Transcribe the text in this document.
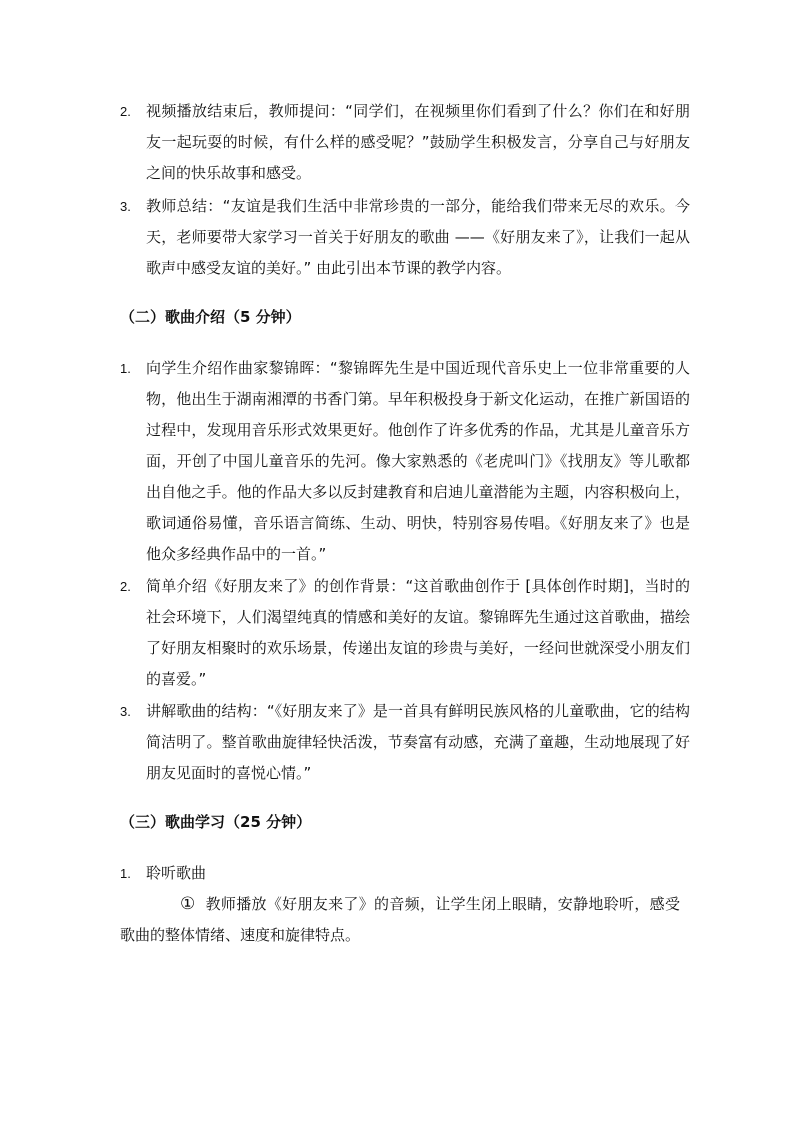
2.	视频播放结束后，教师提问：“同学们，在视频里你们看到了什么？你们在和好朋友一起玩耍的时候，有什么样的感受呢？”鼓励学生积极发言，分享自己与好朋友之间的快乐故事和感受。
3.	教师总结：“友谊是我们生活中非常珍贵的一部分，能给我们带来无尽的欢乐。今天，老师要带大家学习一首关于好朋友的歌曲 ——《好朋友来了》，让我们一起从歌声中感受友谊的美好。” 由此引出本节课的教学内容。
（二）歌曲介绍（5 分钟）
1.	向学生介绍作曲家黎锦晖：“黎锦晖先生是中国近现代音乐史上一位非常重要的人物，他出生于湖南湘潭的书香门第。早年积极投身于新文化运动，在推广新国语的过程中，发现用音乐形式效果更好。他创作了许多优秀的作品，尤其是儿童音乐方面，开创了中国儿童音乐的先河。像大家熟悉的《老虎叫门》《找朋友》等儿歌都出自他之手。他的作品大多以反封建教育和启迪儿童潜能为主题，内容积极向上，歌词通俗易懂，音乐语言简练、生动、明快，特别容易传唱。《好朋友来了》也是他众多经典作品中的一首。”
2.	简单介绍《好朋友来了》的创作背景：“这首歌曲创作于 [具体创作时期]，当时的社会环境下，人们渴望纯真的情感和美好的友谊。黎锦晖先生通过这首歌曲，描绘了好朋友相聚时的欢乐场景，传递出友谊的珍贵与美好，一经问世就深受小朋友们的喜爱。”
3.	讲解歌曲的结构：“《好朋友来了》是一首具有鲜明民族风格的儿童歌曲，它的结构简洁明了。整首歌曲旋律轻快活泼，节奏富有动感，充满了童趣，生动地展现了好朋友见面时的喜悦心情。”
（三）歌曲学习（25 分钟）
1.	聆听歌曲
① 教师播放《好朋友来了》的音频，让学生闭上眼睛，安静地聆听，感受歌曲的整体情绪、速度和旋律特点。
